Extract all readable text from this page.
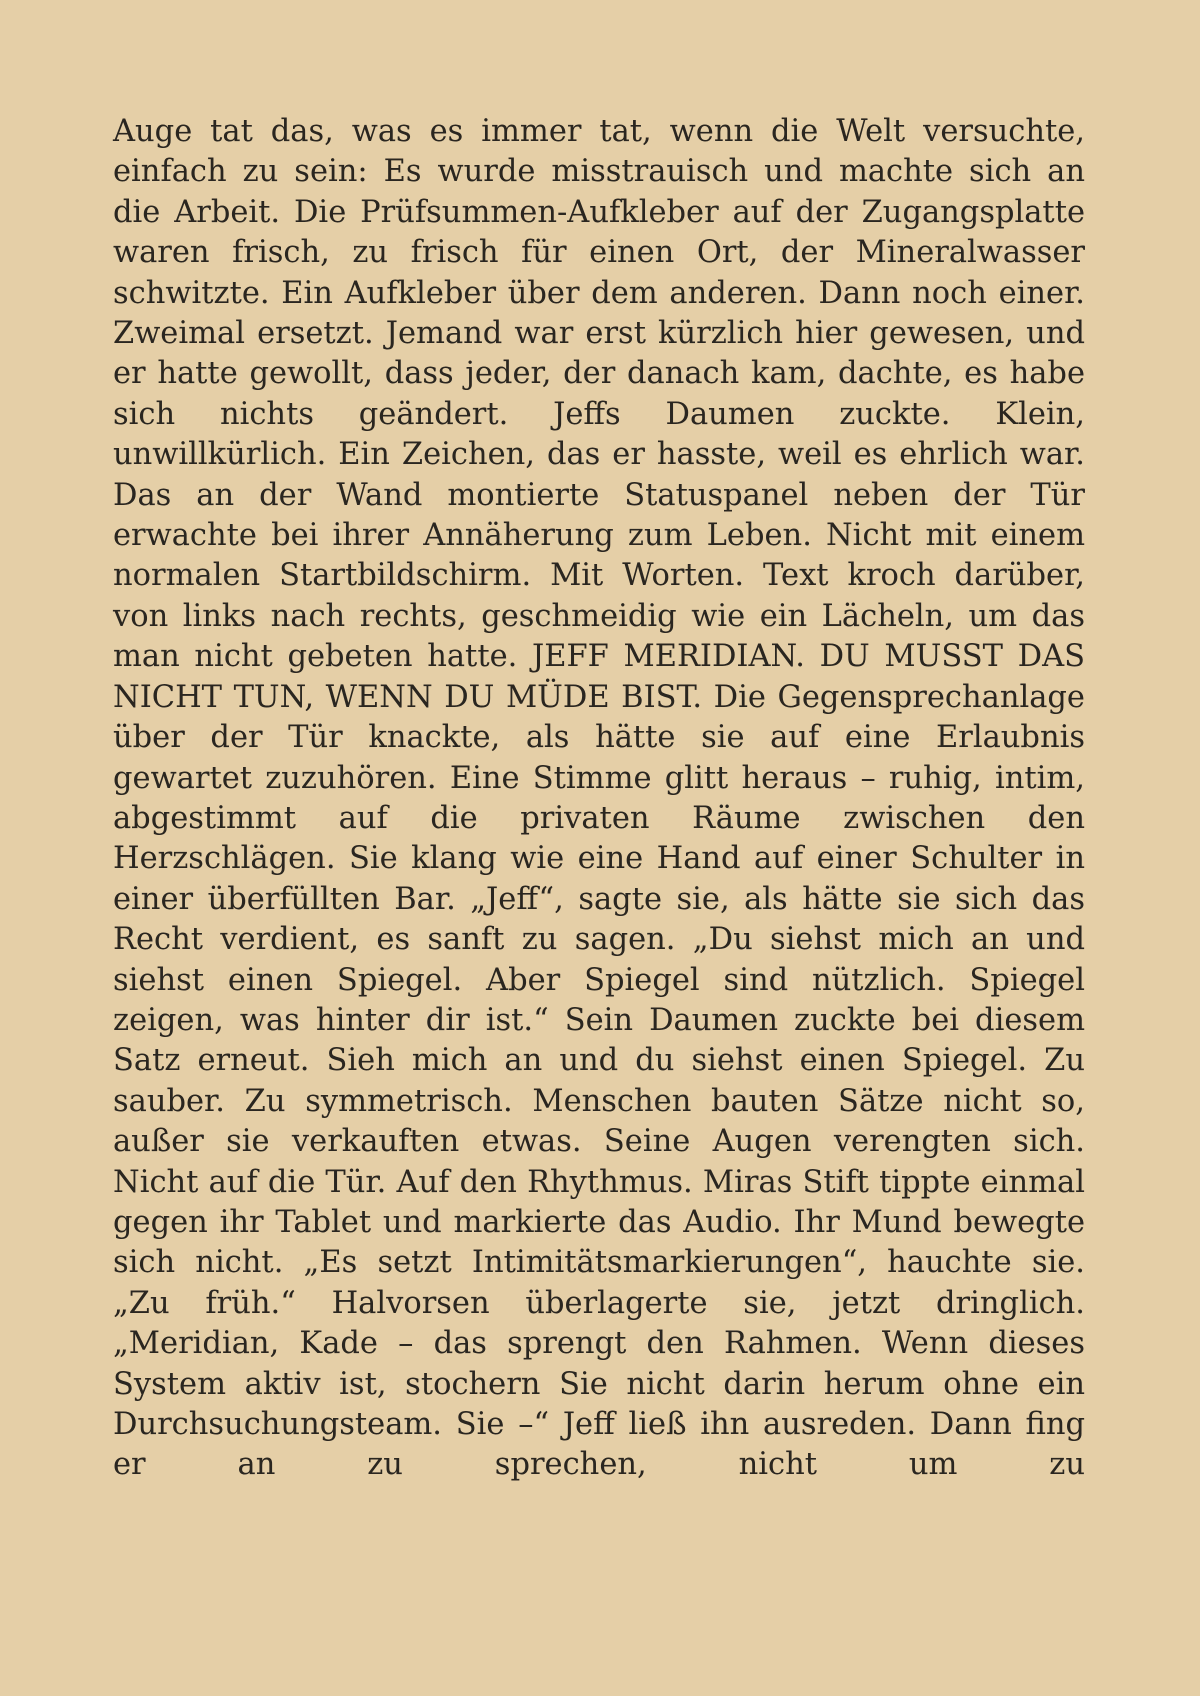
Auge tat das, was es immer tat, wenn die Welt versuchte, einfach zu sein: Es wurde misstrauisch und machte sich an die Arbeit. Die Prüfsummen-Aufkleber auf der Zugangsplatte waren frisch, zu frisch für einen Ort, der Mineralwasser schwitzte. Ein Aufkleber über dem anderen. Dann noch einer. Zweimal ersetzt. Jemand war erst kürzlich hier gewesen, und er hatte gewollt, dass jeder, der danach kam, dachte, es habe sich nichts geändert. Jeffs Daumen zuckte. Klein, unwillkürlich. Ein Zeichen, das er hasste, weil es ehrlich war. Das an der Wand montierte Statuspanel neben der Tür erwachte bei ihrer Annäherung zum Leben. Nicht mit einem normalen Startbildschirm. Mit Worten. Text kroch darüber, von links nach rechts, geschmeidig wie ein Lächeln, um das man nicht gebeten hatte. JEFF MERIDIAN. DU MUSST DAS NICHT TUN, WENN DU MÜDE BIST. Die Gegensprechanlage über der Tür knackte, als hätte sie auf eine Erlaubnis gewartet zuzuhören. Eine Stimme glitt heraus – ruhig, intim, abgestimmt auf die privaten Räume zwischen den Herzschlägen. Sie klang wie eine Hand auf einer Schulter in einer überfüllten Bar. „Jeff“, sagte sie, als hätte sie sich das Recht verdient, es sanft zu sagen. „Du siehst mich an und siehst einen Spiegel. Aber Spiegel sind nützlich. Spiegel zeigen, was hinter dir ist.“ Sein Daumen zuckte bei diesem Satz erneut. Sieh mich an und du siehst einen Spiegel. Zu sauber. Zu symmetrisch. Menschen bauten Sätze nicht so, außer sie verkauften etwas. Seine Augen verengten sich. Nicht auf die Tür. Auf den Rhythmus. Miras Stift tippte einmal gegen ihr Tablet und markierte das Audio. Ihr Mund bewegte sich nicht. „Es setzt Intimitätsmarkierungen“, hauchte sie. „Zu früh.“ Halvorsen überlagerte sie, jetzt dringlich. „Meridian, Kade – das sprengt den Rahmen. Wenn dieses System aktiv ist, stochern Sie nicht darin herum ohne ein Durchsuchungsteam. Sie –“ Jeff ließ ihn ausreden. Dann fing er an zu sprechen, nicht um zu
